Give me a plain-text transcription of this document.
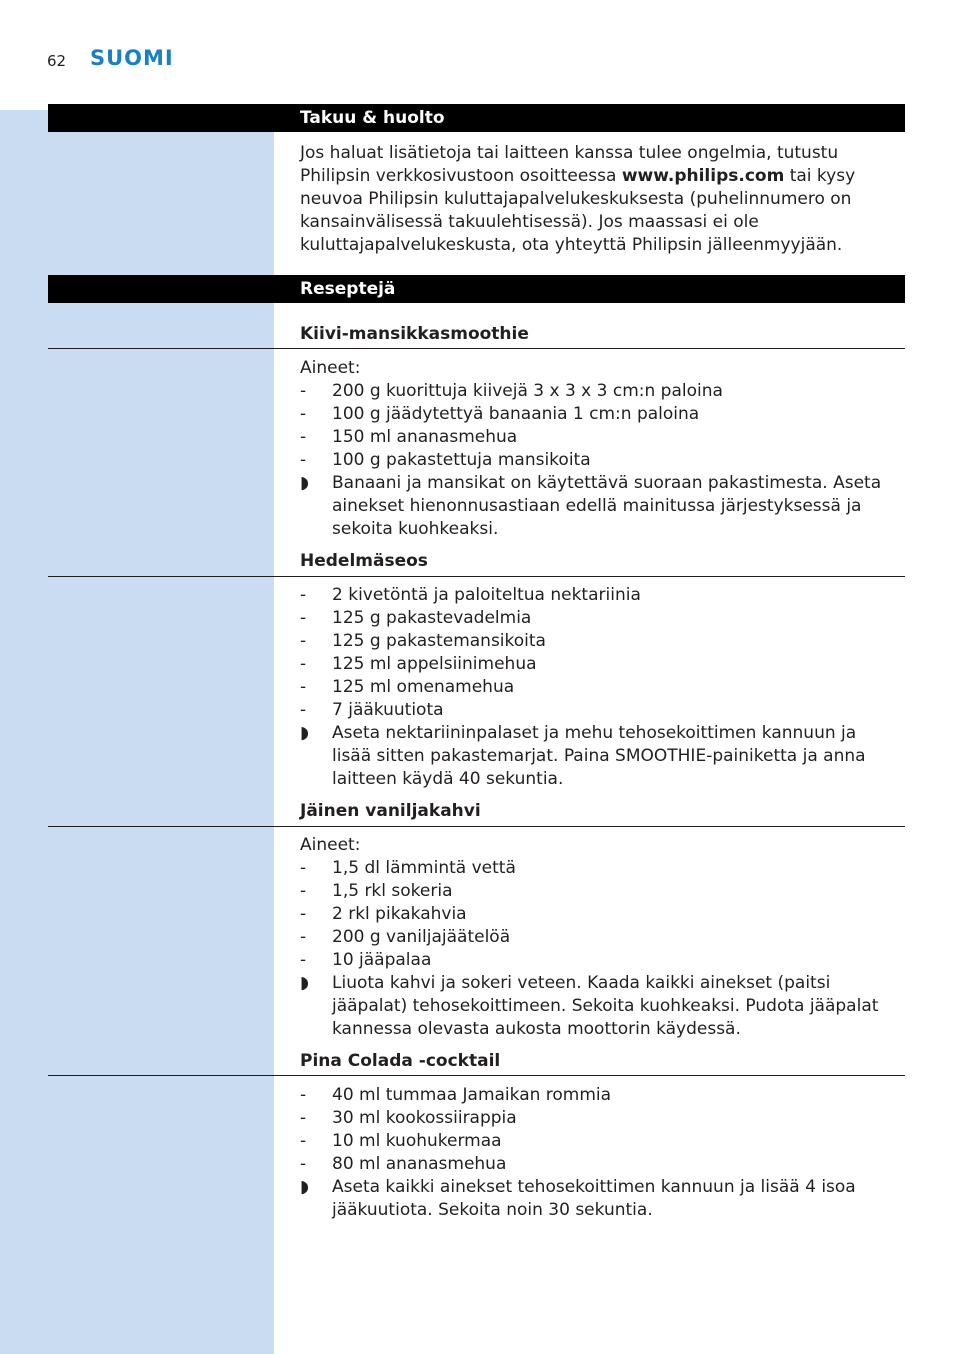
62 SUOMI
Takuu & huolto

Jos haluat lisätietoja tai laitteen kanssa tulee ongelmia, tutustu Philipsin verkkosivustoon osoitteessa www.philips.com tai kysy neuvoa Philipsin kuluttajapalvelukeskuksesta (puhelinnumero on kansainvälisessä takuulehtisessä). Jos maassasi ei ole kuluttajapalvelukeskusta, ota yhteyttä Philipsin jälleenmyyjään.

Reseptejä
Kiivi-mansikkasmoothie

Aineet:

- 200 g kuorittuja kiivejä 3 x 3 x 3 cm:n paloina
- 100 g jäädytettyä banaania 1 cm:n paloina
- 150 ml ananasmehua
- 100 g pakastettuja mansikoita
◗ Banaani ja mansikat on käytettävä suoraan pakastimesta. Aseta ainekset hienonnusastiaan edellä mainitussa järjestyksessä ja sekoita kuohkeaksi.
Hedelmäseos
- 2 kivetöntä ja paloiteltua nektariinia
- 125 g pakastevadelmia
- 125 g pakastemansikoita
- 125 ml appelsiinimehua
- 125 ml omenamehua
- 7 jääkuutiota
◗ Aseta nektariininpalaset ja mehu tehosekoittimen kannuun ja lisää sitten pakastemarjat. Paina SMOOTHIE-painiketta ja anna laitteen käydä 40 sekuntia.
Jäinen vaniljakahvi

Aineet:

- 1,5 dl lämmintä vettä
- 1,5 rkl sokeria
- 2 rkl pikakahvia
- 200 g vaniljajäätelöä
- 10 jääpalaa
◗ Liuota kahvi ja sokeri veteen. Kaada kaikki ainekset (paitsi jääpalat) tehosekoittimeen. Sekoita kuohkeaksi. Pudota jääpalat kannessa olevasta aukosta moottorin käydessä.
Pina Colada -cocktail
- 40 ml tummaa Jamaikan rommia
- 30 ml kookossiirappia
- 10 ml kuohukermaa
- 80 ml ananasmehua
◗ Aseta kaikki ainekset tehosekoittimen kannuun ja lisää 4 isoa jääkuutiota. Sekoita noin 30 sekuntia.
